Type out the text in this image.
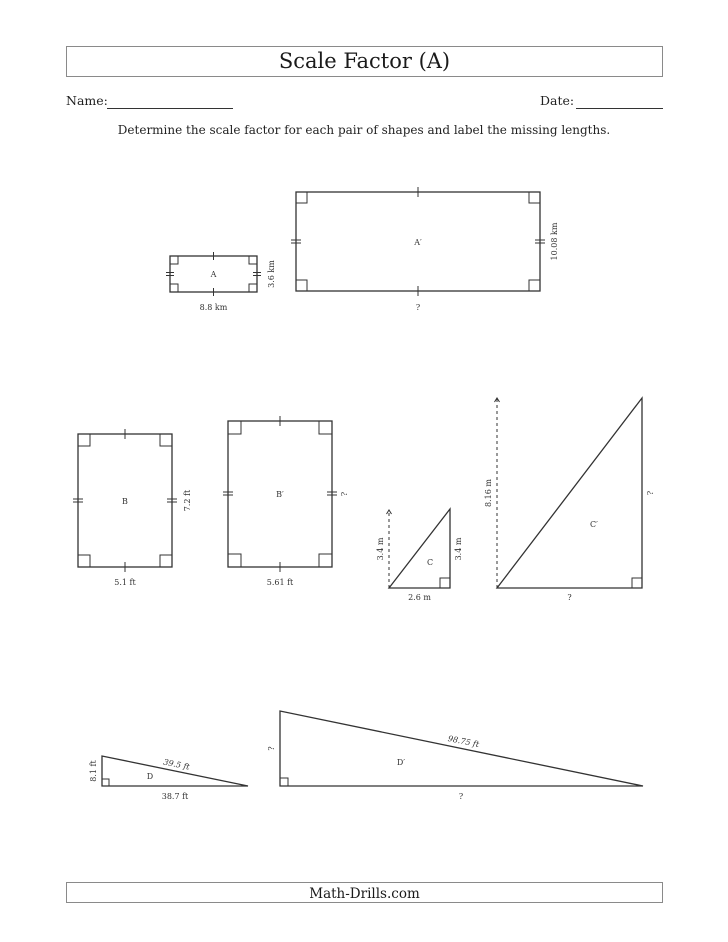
Scale Factor (A)
Name:	Date:
Determine the scale factor for each pair of shapes and label the missing lengths.
A
8.8 km
3.6 km
A′
?
10.08 km
B
5.1 ft
7.2 ft	B′
5.61 ft
?
C
2.6 m
3.4 m
3.4 m
C′
?
?
8.16 m
D
38.7 ft
8.1 ft	39.5 ft	D′
?
?	98.75 ft
Math-Drills.com
